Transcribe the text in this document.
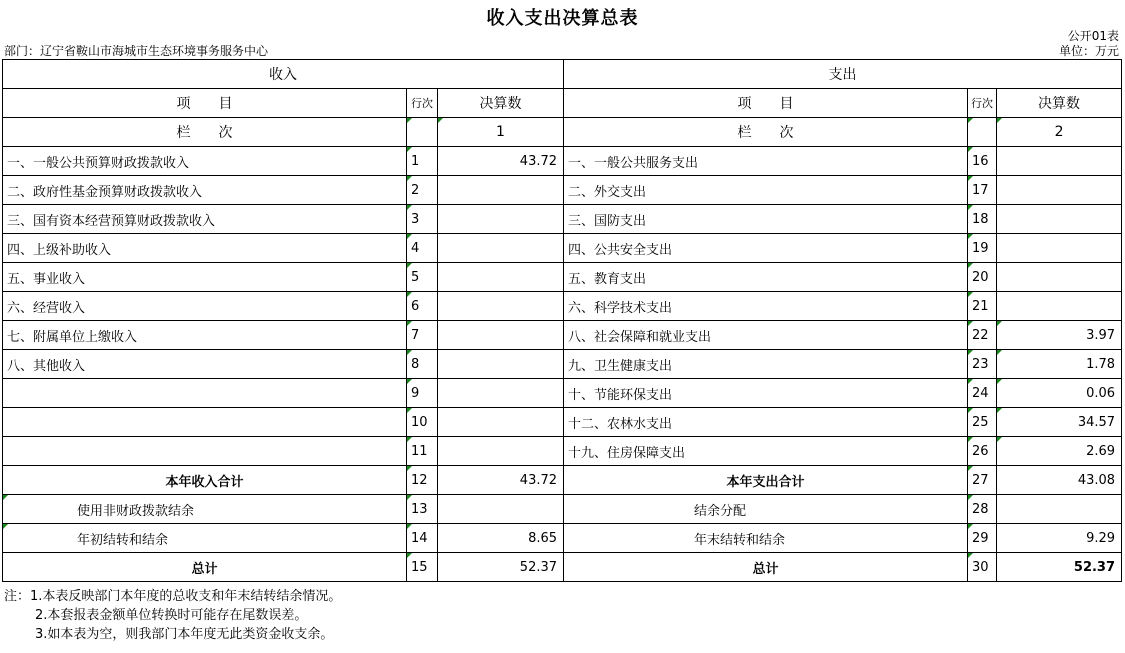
收入支出决算总表
公开01表
部门：辽宁省鞍山市海城市生态环境事务服务中心	单位：万元
收入			支出		
项　　目	行次	决算数	项　　目	行次	决算数
栏　　次		1	栏　　次		2
一、一般公共预算财政拨款收入	1	43.72	一、一般公共服务支出	16	
二、政府性基金预算财政拨款收入	2		二、外交支出	17	
三、国有资本经营预算财政拨款收入	3		三、国防支出	18	
四、上级补助收入	4		四、公共安全支出	19	
五、事业收入	5		五、教育支出	20	
六、经营收入	6		六、科学技术支出	21	
七、附属单位上缴收入	7		八、社会保障和就业支出	22	3.97
八、其他收入	8		九、卫生健康支出	23	1.78
	9		十、节能环保支出	24	0.06
	10		十二、农林水支出	25	34.57
	11		十九、住房保障支出	26	2.69
本年收入合计	12	43.72	本年支出合计	27	43.08
使用非财政拨款结余	13		结余分配	28	
年初结转和结余	14	8.65	年末结转和结余	29	9.29
总计	15	52.37	总计	30	52.37
注：1.本表反映部门本年度的总收支和年末结转结余情况。
2.本套报表金额单位转换时可能存在尾数误差。
3.如本表为空，则我部门本年度无此类资金收支余。
